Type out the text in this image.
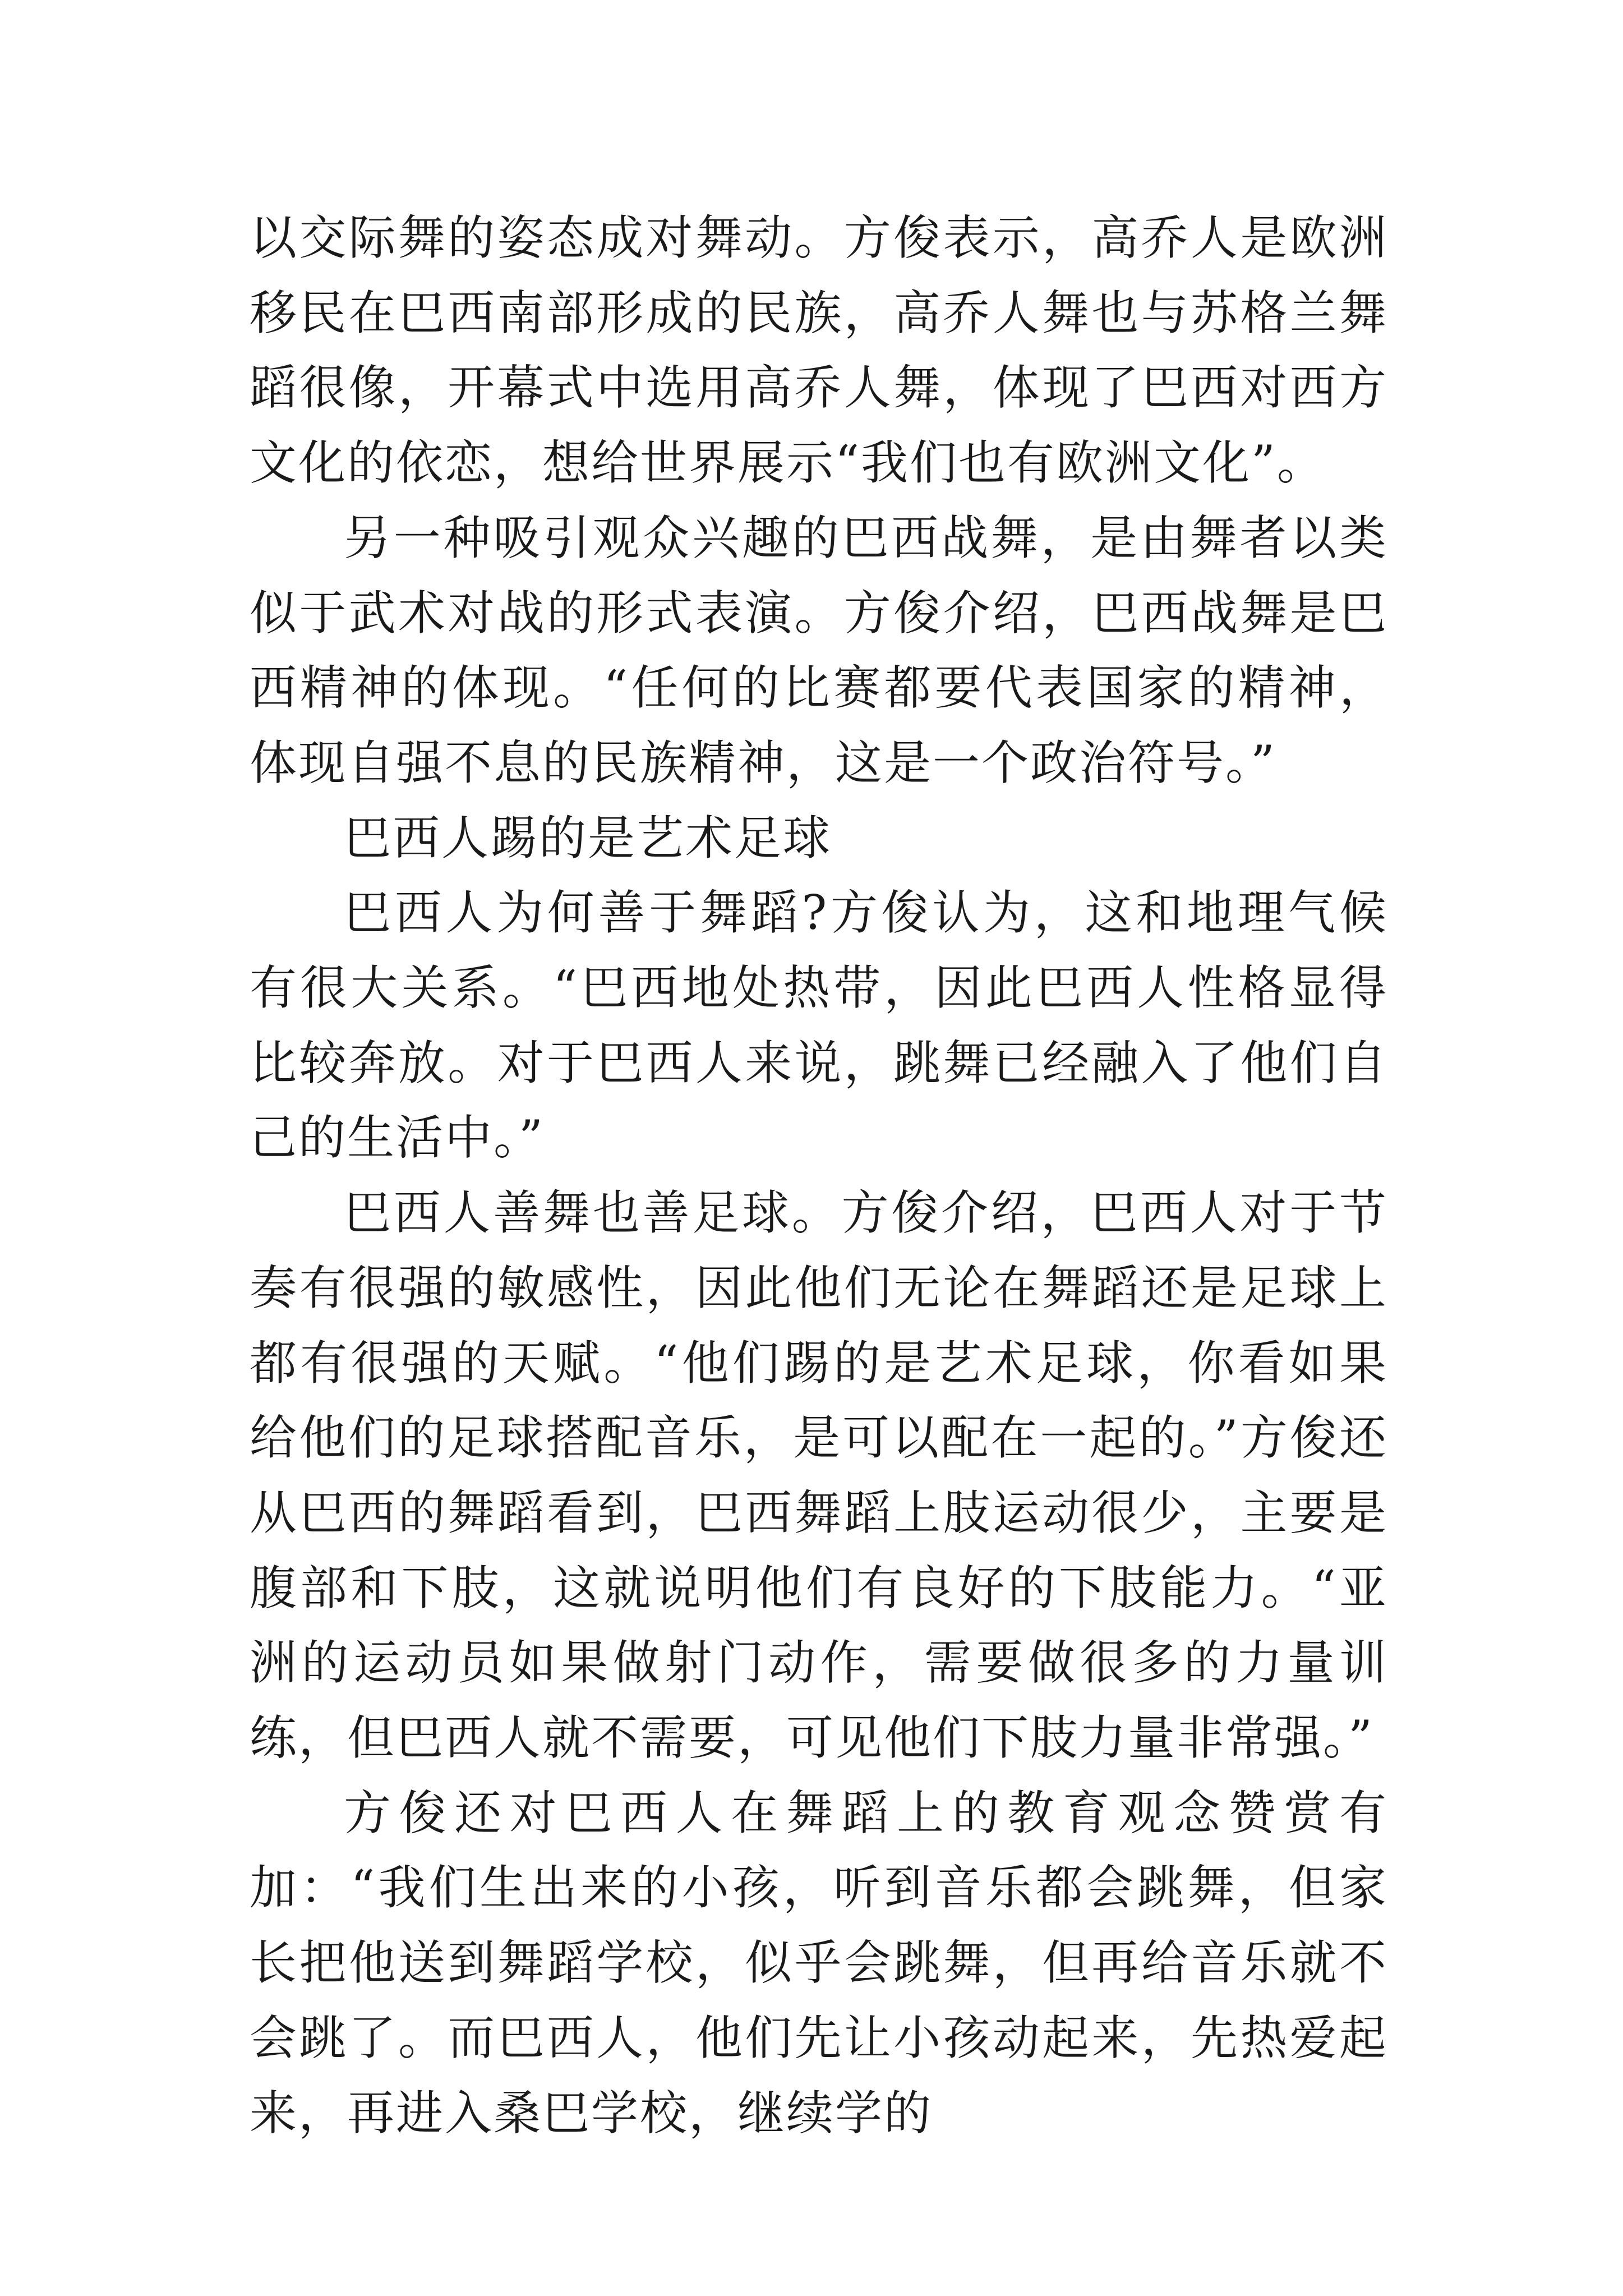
以交际舞的姿态成对舞动。方俊表示，高乔人是欧洲移民在巴西南部形成的民族，高乔人舞也与苏格兰舞蹈很像，开幕式中选用高乔人舞，体现了巴西对西方文化的依恋，想给世界展示“我们也有欧洲文化”。

另一种吸引观众兴趣的巴西战舞，是由舞者以类似于武术对战的形式表演。方俊介绍，巴西战舞是巴西精神的体现。“任何的比赛都要代表国家的精神，体现自强不息的民族精神，这是一个政治符号。”

巴西人踢的是艺术足球

巴西人为何善于舞蹈?方俊认为，这和地理气候有很大关系。“巴西地处热带，因此巴西人性格显得比较奔放。对于巴西人来说，跳舞已经融入了他们自己的生活中。”

巴西人善舞也善足球。方俊介绍，巴西人对于节奏有很强的敏感性，因此他们无论在舞蹈还是足球上都有很强的天赋。“他们踢的是艺术足球，你看如果给他们的足球搭配音乐，是可以配在一起的。”方俊还从巴西的舞蹈看到，巴西舞蹈上肢运动很少，主要是腹部和下肢，这就说明他们有良好的下肢能力。“亚洲的运动员如果做射门动作，需要做很多的力量训练，但巴西人就不需要，可见他们下肢力量非常强。”

方俊还对巴西人在舞蹈上的教育观念赞赏有加：“我们生出来的小孩，听到音乐都会跳舞，但家长把他送到舞蹈学校，似乎会跳舞，但再给音乐就不会跳了。而巴西人，他们先让小孩动起来，先热爱起来，再进入桑巴学校，继续学的
